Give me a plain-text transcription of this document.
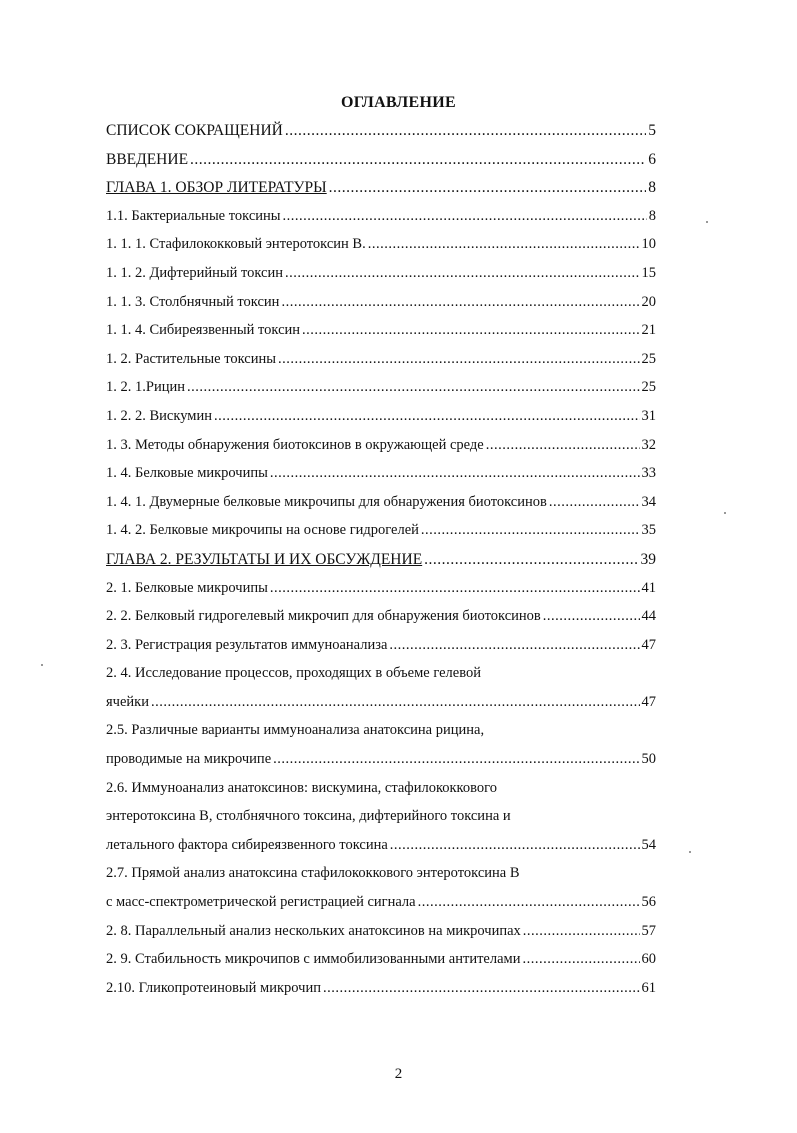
ОГЛАВЛЕНИЕ
СПИСОК СОКРАЩЕНИЙ .....	5
ВВЕДЕНИЕ .....	6
ГЛАВА 1. ОБЗОР ЛИТЕРАТУРЫ .....	8
1.1. Бактериальные токсины .....	8
1. 1. 1. Стафилококковый энтеротоксин В. .....	10
1. 1. 2. Дифтерийный токсин .....	15
1. 1. 3. Столбнячный токсин .....	20
1. 1. 4. Сибиреязвенный токсин .....	21
1. 2. Растительные токсины .....	25
1. 2. 1.Рицин .....	25
1. 2. 2. Вискумин .....	31
1. 3. Методы обнаружения биотоксинов в окружающей среде .....	32
1. 4. Белковые микрочипы .....	33
1. 4. 1. Двумерные белковые микрочипы для обнаружения биотоксинов .....	34
1. 4. 2. Белковые микрочипы на основе гидрогелей .....	35
ГЛАВА 2. РЕЗУЛЬТАТЫ И ИХ ОБСУЖДЕНИЕ .....	39
2. 1. Белковые микрочипы .....	41
2. 2. Белковый гидрогелевый микрочип для обнаружения биотоксинов .....	44
2. 3. Регистрация результатов иммуноанализа .....	47
2. 4. Исследование процессов, проходящих в объеме гелевой
ячейки .....	47
2.5. Различные варианты иммуноанализа анатоксина рицина,
проводимые на микрочипе .....	50
2.6. Иммуноанализ анатоксинов: вискумина, стафилококкового
энтеротоксина В, столбнячного токсина, дифтерийного токсина и
летального фактора сибиреязвенного токсина .....	54
2.7. Прямой анализ анатоксина стафилококкового энтеротоксина В
с масс-спектрометрической регистрацией сигнала .....	56
2. 8. Параллельный анализ нескольких анатоксинов на микрочипах .....	57
2. 9. Стабильность микрочипов с иммобилизованными антителами .....	60
2.10. Гликопротеиновый микрочип .....	61
2
